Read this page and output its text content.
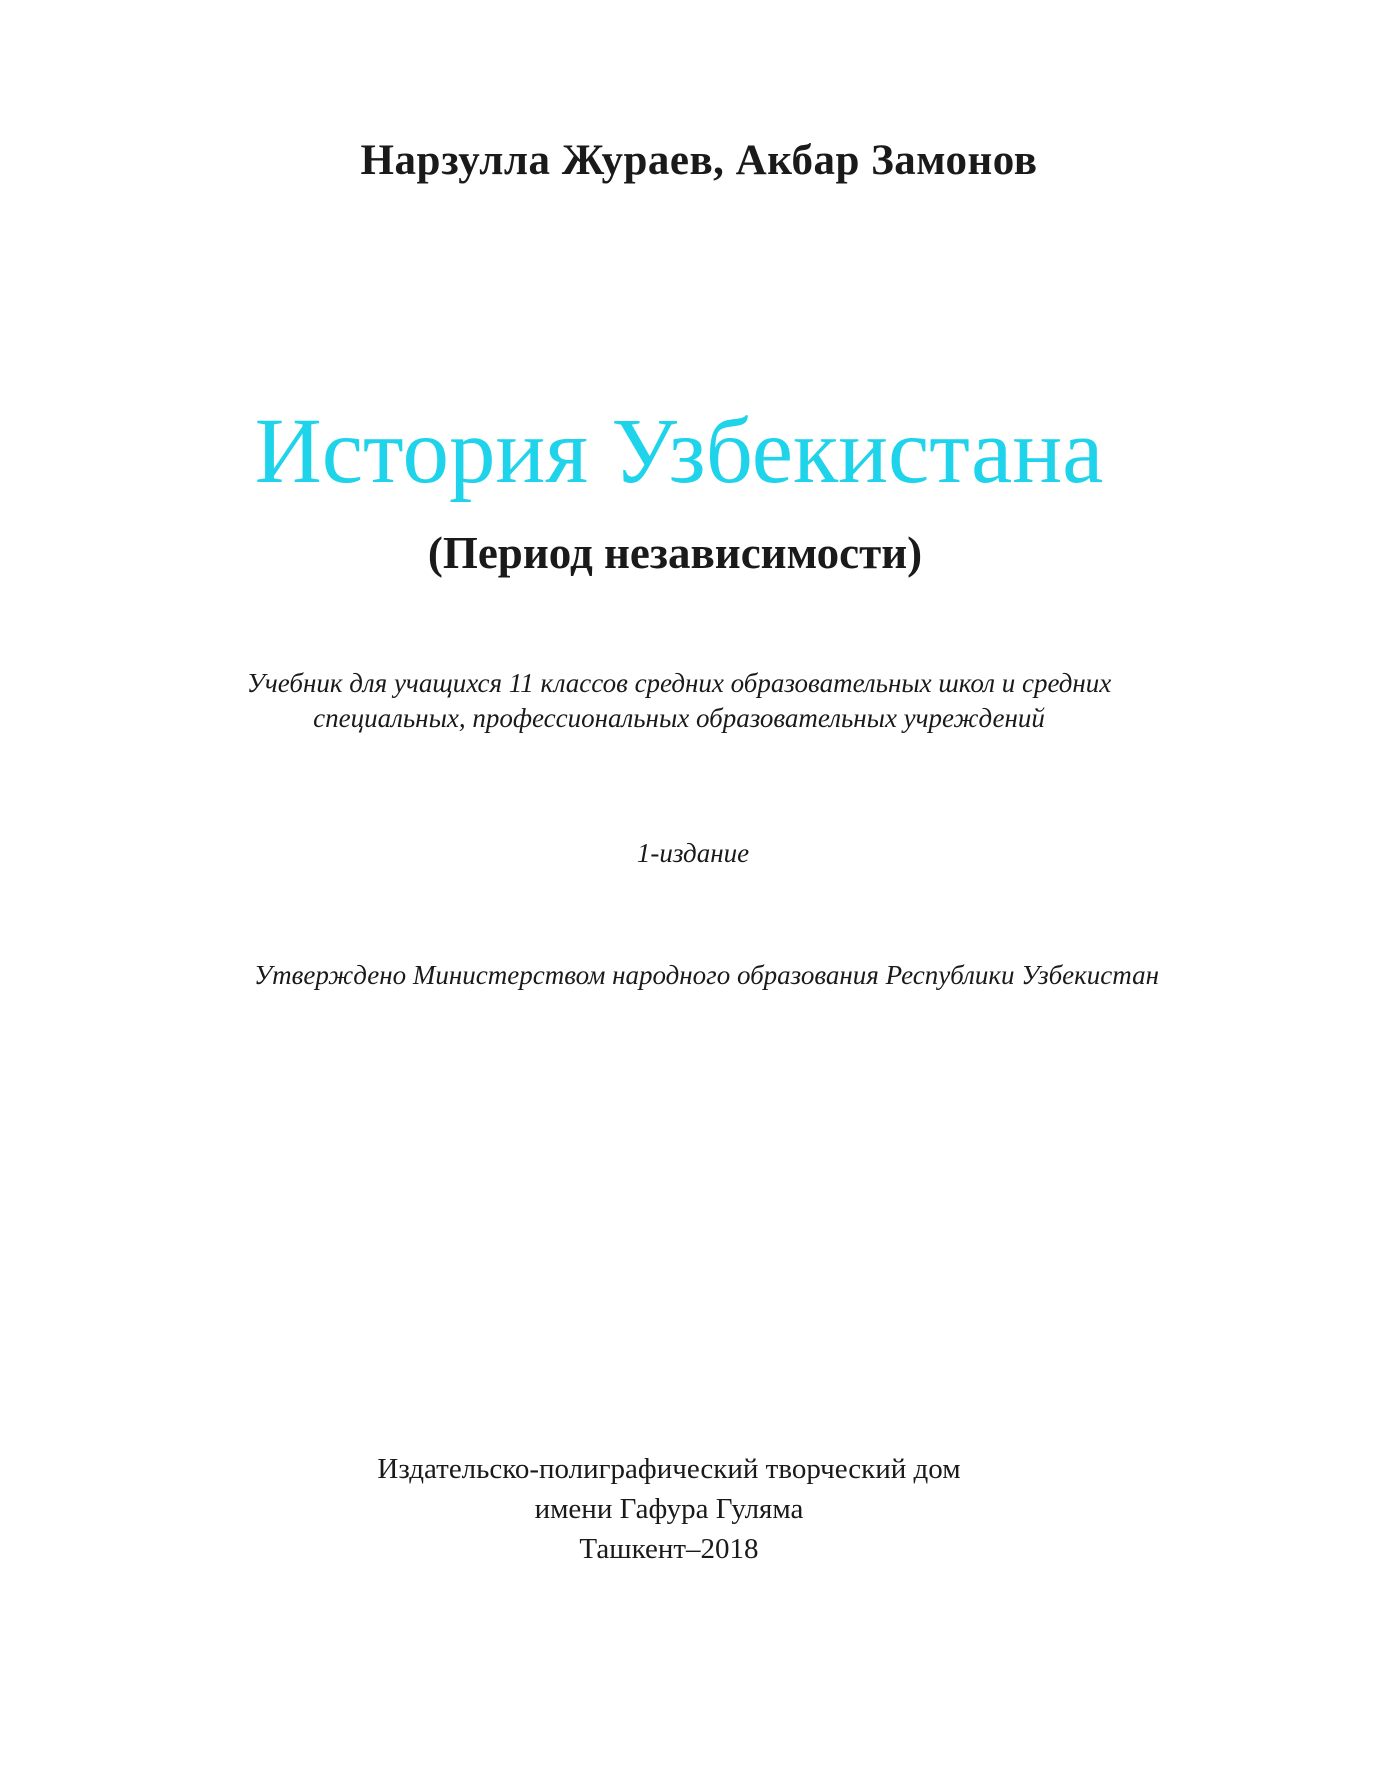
Нарзулла Жураев, Акбар Замонов
История Узбекистана
(Период независимости)
Учебник для учащихся 11 классов средних образовательных школ и средних
специальных, профессиональных образовательных учреждений
1-издание
Утверждено Министерством народного образования Республики Узбекистан
Издательско-полиграфический творческий дом
имени Гафура Гуляма
Ташкент–2018
